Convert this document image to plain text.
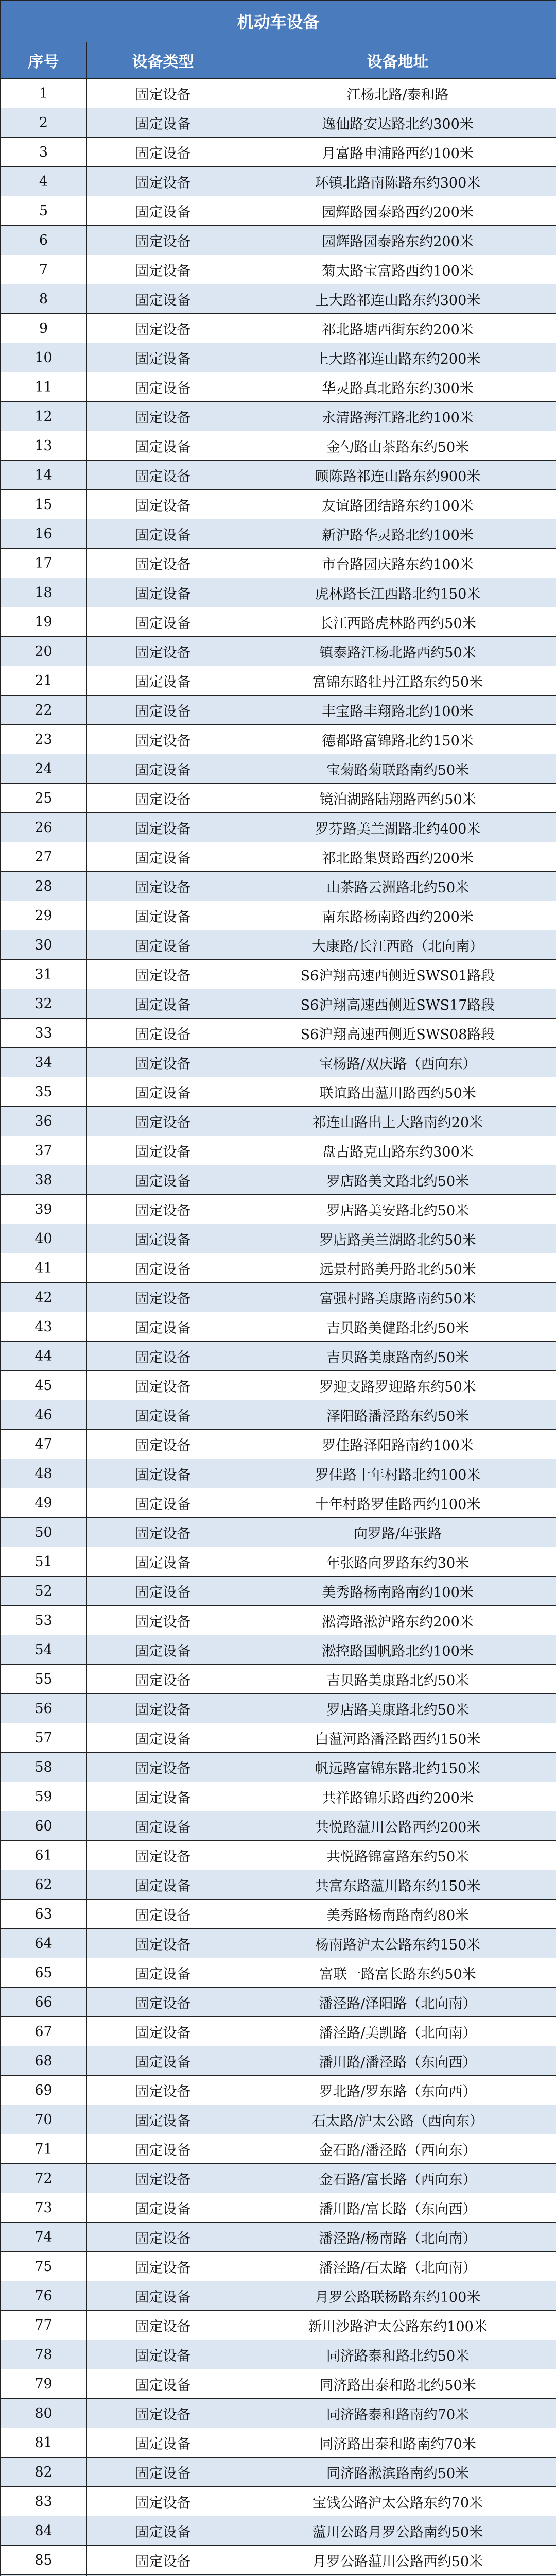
机动车设备		
序号	设备类型	设备地址
1	固定设备	江杨北路/泰和路
2	固定设备	逸仙路安达路北约300米
3	固定设备	月富路申浦路西约100米
4	固定设备	环镇北路南陈路东约300米
5	固定设备	园辉路园泰路西约200米
6	固定设备	园辉路园泰路东约200米
7	固定设备	菊太路宝富路西约100米
8	固定设备	上大路祁连山路东约300米
9	固定设备	祁北路塘西街东约200米
10	固定设备	上大路祁连山路东约200米
11	固定设备	华灵路真北路东约300米
12	固定设备	永清路海江路北约100米
13	固定设备	金勺路山茶路东约50米
14	固定设备	顾陈路祁连山路东约900米
15	固定设备	友谊路团结路东约100米
16	固定设备	新沪路华灵路北约100米
17	固定设备	市台路园庆路东约100米
18	固定设备	虎林路长江西路北约150米
19	固定设备	长江西路虎林路西约50米
20	固定设备	镇泰路江杨北路西约50米
21	固定设备	富锦东路牡丹江路东约50米
22	固定设备	丰宝路丰翔路北约100米
23	固定设备	德都路富锦路北约150米
24	固定设备	宝菊路菊联路南约50米
25	固定设备	镜泊湖路陆翔路西约50米
26	固定设备	罗芬路美兰湖路北约400米
27	固定设备	祁北路集贤路西约200米
28	固定设备	山茶路云洲路北约50米
29	固定设备	南东路杨南路西约200米
30	固定设备	大康路/长江西路（北向南）
31	固定设备	S6沪翔高速西侧近SWS01路段
32	固定设备	S6沪翔高速西侧近SWS17路段
33	固定设备	S6沪翔高速西侧近SWS08路段
34	固定设备	宝杨路/双庆路（西向东）
35	固定设备	联谊路出蕰川路西约50米
36	固定设备	祁连山路出上大路南约20米
37	固定设备	盘古路克山路东约300米
38	固定设备	罗店路美文路北约50米
39	固定设备	罗店路美安路北约50米
40	固定设备	罗店路美兰湖路北约50米
41	固定设备	远景村路美丹路北约50米
42	固定设备	富强村路美康路南约50米
43	固定设备	吉贝路美健路北约50米
44	固定设备	吉贝路美康路南约50米
45	固定设备	罗迎支路罗迎路东约50米
46	固定设备	泽阳路潘泾路东约50米
47	固定设备	罗佳路泽阳路南约100米
48	固定设备	罗佳路十年村路北约100米
49	固定设备	十年村路罗佳路西约100米
50	固定设备	向罗路/年张路
51	固定设备	年张路向罗路东约30米
52	固定设备	美秀路杨南路南约100米
53	固定设备	淞湾路淞沪路东约200米
54	固定设备	淞控路国帆路北约100米
55	固定设备	吉贝路美康路北约50米
56	固定设备	罗店路美康路北约50米
57	固定设备	白蕰河路潘泾路西约150米
58	固定设备	帆远路富锦东路北约150米
59	固定设备	共祥路锦乐路西约200米
60	固定设备	共悦路蕰川公路西约200米
61	固定设备	共悦路锦富路东约50米
62	固定设备	共富东路蕰川路东约150米
63	固定设备	美秀路杨南路南约80米
64	固定设备	杨南路沪太公路东约150米
65	固定设备	富联一路富长路东约50米
66	固定设备	潘泾路/泽阳路（北向南）
67	固定设备	潘泾路/美凯路（北向南）
68	固定设备	潘川路/潘泾路（东向西）
69	固定设备	罗北路/罗东路（东向西）
70	固定设备	石太路/沪太公路（西向东）
71	固定设备	金石路/潘泾路（西向东）
72	固定设备	金石路/富长路（西向东）
73	固定设备	潘川路/富长路（东向西）
74	固定设备	潘泾路/杨南路（北向南）
75	固定设备	潘泾路/石太路（北向南）
76	固定设备	月罗公路联杨路东约100米
77	固定设备	新川沙路沪太公路东约100米
78	固定设备	同济路泰和路北约50米
79	固定设备	同济路出泰和路北约50米
80	固定设备	同济路泰和路南约70米
81	固定设备	同济路出泰和路南约70米
82	固定设备	同济路淞滨路南约50米
83	固定设备	宝钱公路沪太公路东约70米
84	固定设备	蕰川公路月罗公路南约50米
85	固定设备	月罗公路蕰川公路西约50米
